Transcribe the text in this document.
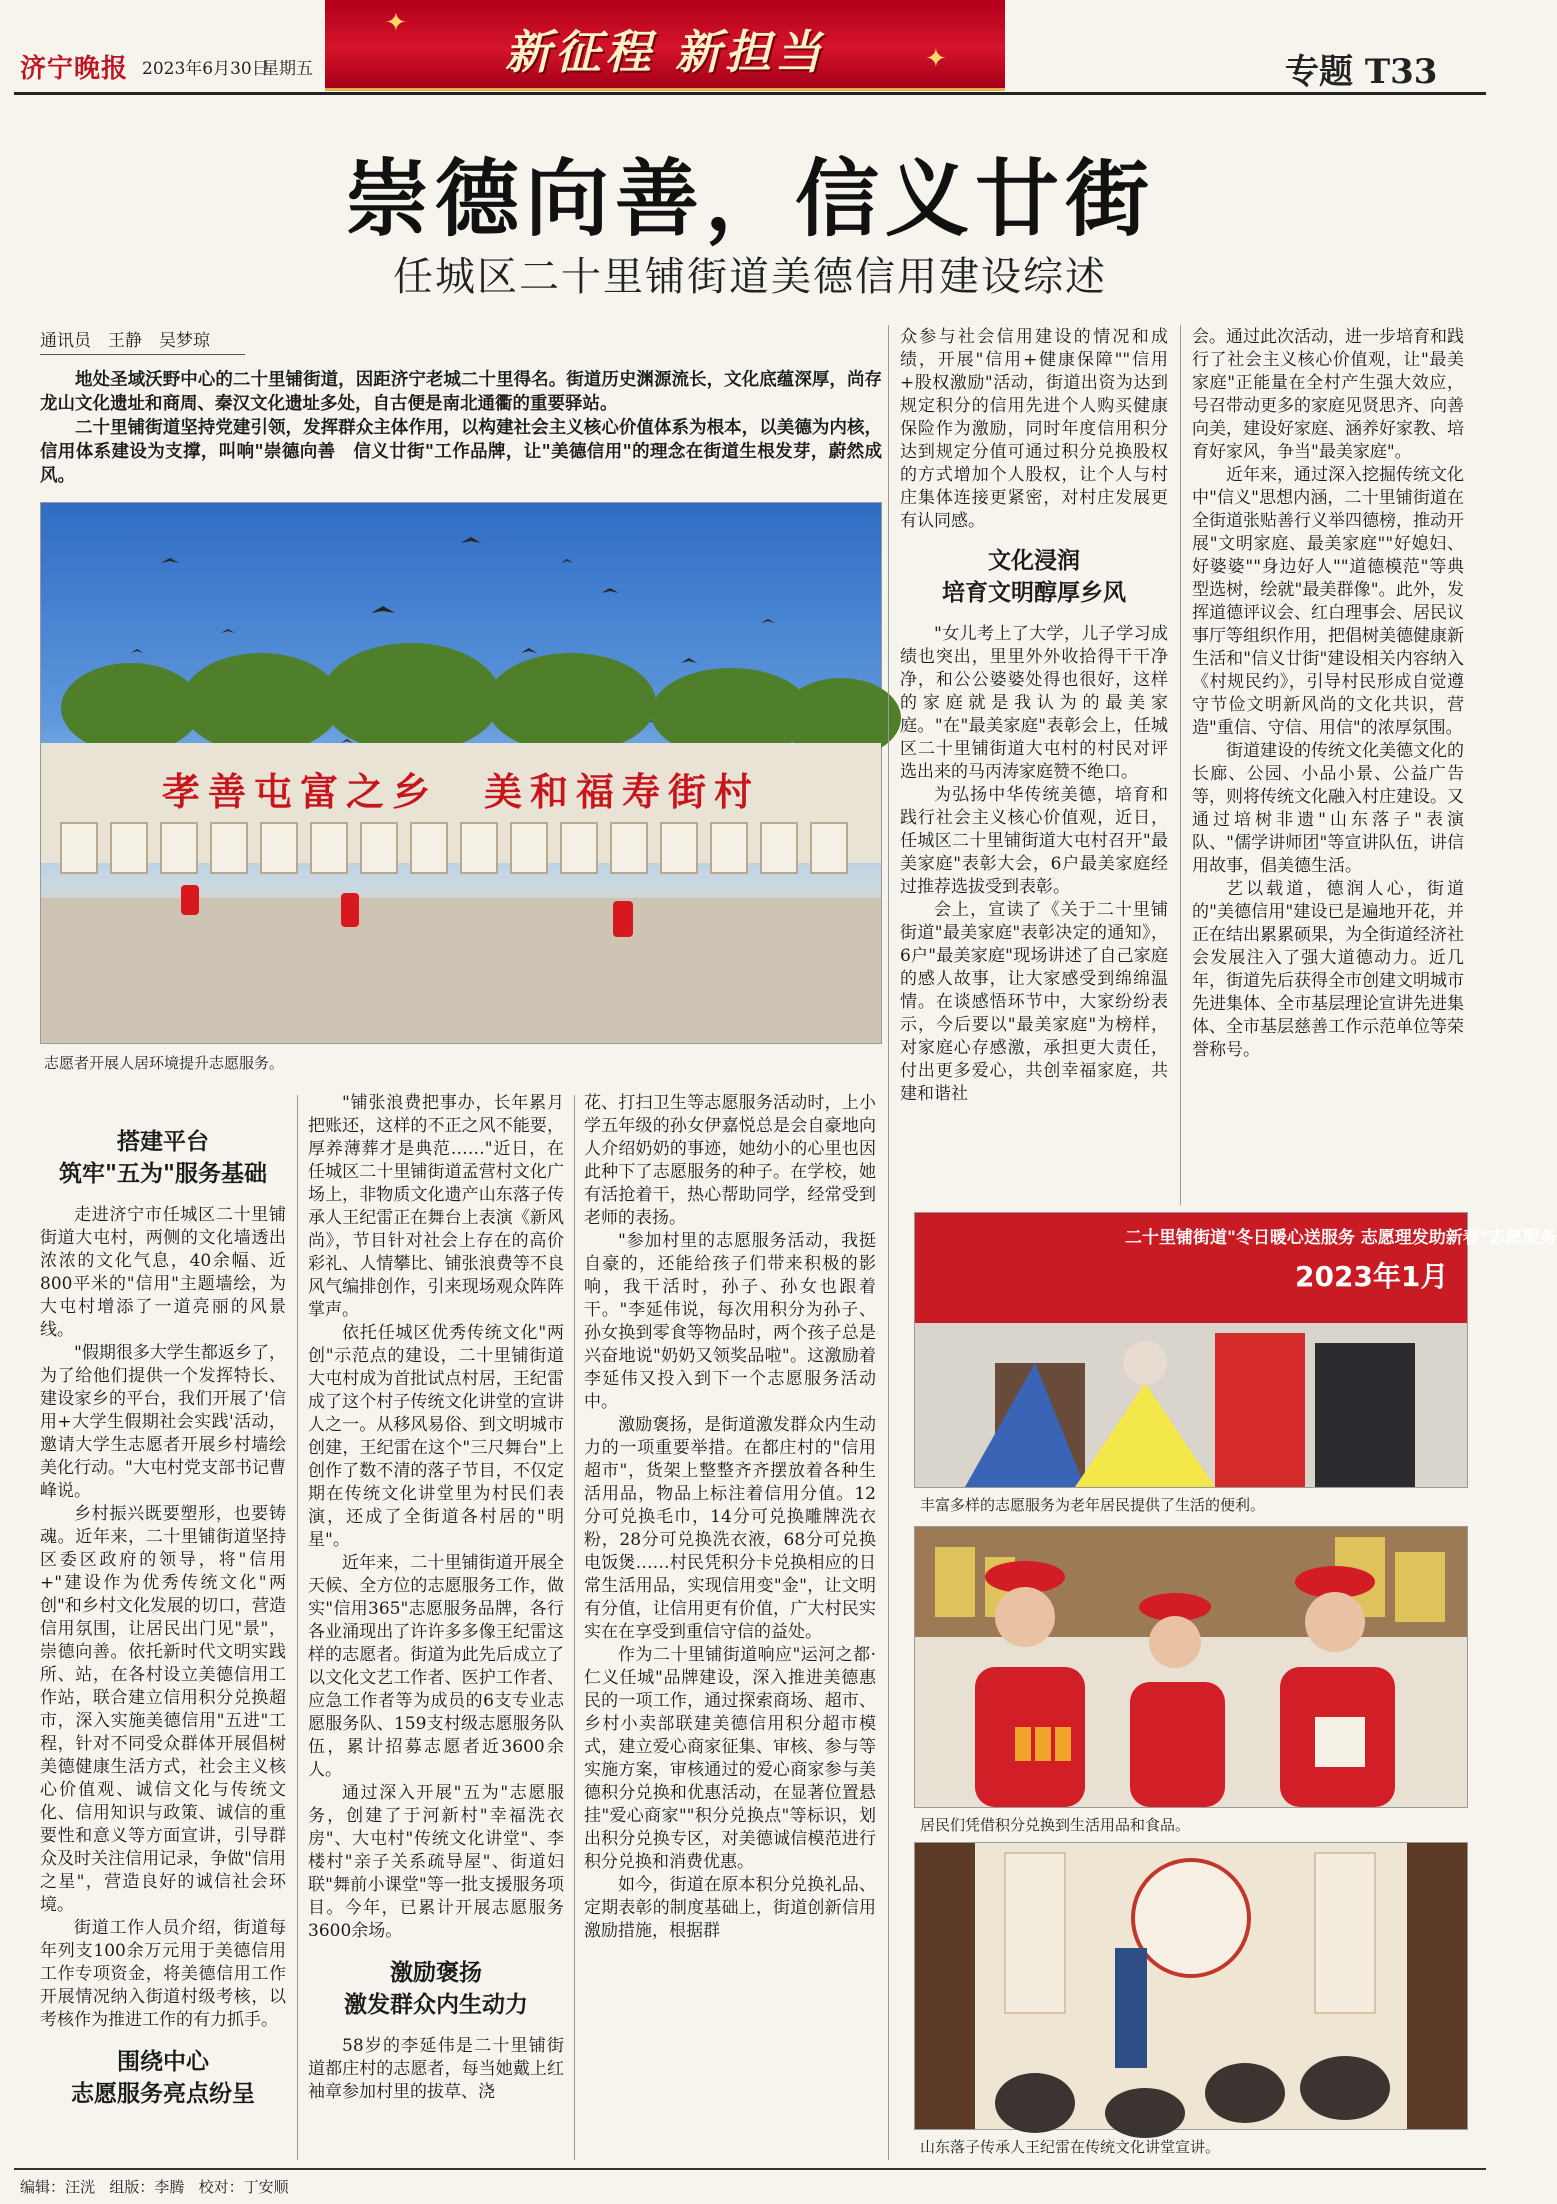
济宁晚报 2023年6月30日
星期五
✦
✦
新征程 新担当	专题 T33
崇德向善，信义廿街
任城区二十里铺街道美德信用建设综述
通讯员　王静　吴梦琼
地处圣域沃野中心的二十里铺街道，因距济宁老城二十里得名。街道历史渊源流长，文化底蕴深厚，尚存龙山文化遗址和商周、秦汉文化遗址多处，自古便是南北通衢的重要驿站。
二十里铺街道坚持党建引领，发挥群众主体作用，以构建社会主义核心价值体系为根本，以美德为内核，信用体系建设为支撑，叫响"崇德向善　信义廿街"工作品牌，让"美德信用"的理念在街道生根发芽，蔚然成风。
孝善屯富之乡　美和福寿街村
志愿者开展人居环境提升志愿服务。
搭建平台
筑牢"五为"服务基础

走进济宁市任城区二十里铺街道大屯村，两侧的文化墙透出浓浓的文化气息，40余幅、近800平米的"信用"主题墙绘，为大屯村增添了一道亮丽的风景线。

"假期很多大学生都返乡了，为了给他们提供一个发挥特长、建设家乡的平台，我们开展了'信用+大学生假期社会实践'活动，邀请大学生志愿者开展乡村墙绘美化行动。"大屯村党支部书记曹峰说。

乡村振兴既要塑形，也要铸魂。近年来，二十里铺街道坚持区委区政府的领导，将"信用+"建设作为优秀传统文化"两创"和乡村文化发展的切口，营造信用氛围，让居民出门见"景"，崇德向善。依托新时代文明实践所、站，在各村设立美德信用工作站，联合建立信用积分兑换超市，深入实施美德信用"五进"工程，针对不同受众群体开展倡树美德健康生活方式，社会主义核心价值观、诚信文化与传统文化、信用知识与政策、诚信的重要性和意义等方面宣讲，引导群众及时关注信用记录，争做"信用之星"，营造良好的诚信社会环境。

街道工作人员介绍，街道每年列支100余万元用于美德信用工作专项资金，将美德信用工作开展情况纳入街道村级考核，以考核作为推进工作的有力抓手。

围绕中心
志愿服务亮点纷呈

"铺张浪费把事办，长年累月把账还，这样的不正之风不能要，厚养薄葬才是典范……"近日，在任城区二十里铺街道孟营村文化广场上，非物质文化遗产山东落子传承人王纪雷正在舞台上表演《新风尚》，节目针对社会上存在的高价彩礼、人情攀比、铺张浪费等不良风气编排创作，引来现场观众阵阵掌声。

依托任城区优秀传统文化"两创"示范点的建设，二十里铺街道大屯村成为首批试点村居，王纪雷成了这个村子传统文化讲堂的宣讲人之一。从移风易俗、到文明城市创建，王纪雷在这个"三尺舞台"上创作了数不清的落子节目，不仅定期在传统文化讲堂里为村民们表演，还成了全街道各村居的"明星"。

近年来，二十里铺街道开展全天候、全方位的志愿服务工作，做实"信用365"志愿服务品牌，各行各业涌现出了许许多多像王纪雷这样的志愿者。街道为此先后成立了以文化文艺工作者、医护工作者、应急工作者等为成员的6支专业志愿服务队、159支村级志愿服务队伍，累计招募志愿者近3600余人。

通过深入开展"五为"志愿服务，创建了于河新村"幸福洗衣房"、大屯村"传统文化讲堂"、李楼村"亲子关系疏导屋"、街道妇联"舞前小课堂"等一批支援服务项目。今年，已累计开展志愿服务3600余场。

激励褒扬
激发群众内生动力

58岁的李延伟是二十里铺街道都庄村的志愿者，每当她戴上红袖章参加村里的拔草、浇

花、打扫卫生等志愿服务活动时，上小学五年级的孙女伊嘉悦总是会自豪地向人介绍奶奶的事迹，她幼小的心里也因此种下了志愿服务的种子。在学校，她有活抢着干，热心帮助同学，经常受到老师的表扬。

"参加村里的志愿服务活动，我挺自豪的，还能给孩子们带来积极的影响，我干活时，孙子、孙女也跟着干。"李延伟说，每次用积分为孙子、孙女换到零食等物品时，两个孩子总是兴奋地说"奶奶又领奖品啦"。这激励着李延伟又投入到下一个志愿服务活动中。

激励褒扬，是街道激发群众内生动力的一项重要举措。在都庄村的"信用超市"，货架上整整齐齐摆放着各种生活用品，物品上标注着信用分值。12分可兑换毛巾，14分可兑换雕牌洗衣粉，28分可兑换洗衣液，68分可兑换电饭煲……村民凭积分卡兑换相应的日常生活用品，实现信用变"金"，让文明有分值，让信用更有价值，广大村民实实在在享受到重信守信的益处。

作为二十里铺街道响应"运河之都·仁义任城"品牌建设，深入推进美德惠民的一项工作，通过探索商场、超市、乡村小卖部联建美德信用积分超市模式，建立爱心商家征集、审核、参与等实施方案，审核通过的爱心商家参与美德积分兑换和优惠活动，在显著位置悬挂"爱心商家""积分兑换点"等标识，划出积分兑换专区，对美德诚信模范进行积分兑换和消费优惠。

如今，街道在原本积分兑换礼品、定期表彰的制度基础上，街道创新信用激励措施，根据群

众参与社会信用建设的情况和成绩，开展"信用+健康保障""信用+股权激励"活动，街道出资为达到规定积分的信用先进个人购买健康保险作为激励，同时年度信用积分达到规定分值可通过积分兑换股权的方式增加个人股权，让个人与村庄集体连接更紧密，对村庄发展更有认同感。

文化浸润
培育文明醇厚乡风

"女儿考上了大学，儿子学习成绩也突出，里里外外收拾得干干净净，和公公婆婆处得也很好，这样的家庭就是我认为的最美家庭。"在"最美家庭"表彰会上，任城区二十里铺街道大屯村的村民对评选出来的马丙涛家庭赞不绝口。

为弘扬中华传统美德，培育和践行社会主义核心价值观，近日，任城区二十里铺街道大屯村召开"最美家庭"表彰大会，6户最美家庭经过推荐选拔受到表彰。

会上，宣读了《关于二十里铺街道"最美家庭"表彰决定的通知》，6户"最美家庭"现场讲述了自己家庭的感人故事，让大家感受到绵绵温情。在谈感悟环节中，大家纷纷表示，今后要以"最美家庭"为榜样，对家庭心存感激，承担更大责任，付出更多爱心，共创幸福家庭，共建和谐社

会。通过此次活动，进一步培育和践行了社会主义核心价值观，让"最美家庭"正能量在全村产生强大效应，号召带动更多的家庭见贤思齐、向善向美，建设好家庭、涵养好家教、培育好家风，争当"最美家庭"。

近年来，通过深入挖掘传统文化中"信义"思想内涵，二十里铺街道在全街道张贴善行义举四德榜，推动开展"文明家庭、最美家庭""好媳妇、好婆婆""身边好人""道德模范"等典型选树，绘就"最美群像"。此外，发挥道德评议会、红白理事会、居民议事厅等组织作用，把倡树美德健康新生活和"信义廿街"建设相关内容纳入《村规民约》，引导村民形成自觉遵守节俭文明新风尚的文化共识，营造"重信、守信、用信"的浓厚氛围。

街道建设的传统文化美德文化的长廊、公园、小品小景、公益广告等，则将传统文化融入村庄建设。又通过培树非遗"山东落子"表演队、"儒学讲师团"等宣讲队伍，讲信用故事，倡美德生活。

艺以载道，德润人心，街道的"美德信用"建设已是遍地开花，并正在结出累累硕果，为全街道经济社会发展注入了强大道德动力。近几年，街道先后获得全市创建文明城市先进集体、全市基层理论宣讲先进集体、全市基层慈善工作示范单位等荣誉称号。

二十里铺街道"冬日暖心送服务 志愿理发助新春"志愿服务
2023年1月
丰富多样的志愿服务为老年居民提供了生活的便利。
居民们凭借积分兑换到生活用品和食品。
山东落子传承人王纪雷在传统文化讲堂宣讲。
编辑：汪洸 组版：李腾 校对：丁安顺
